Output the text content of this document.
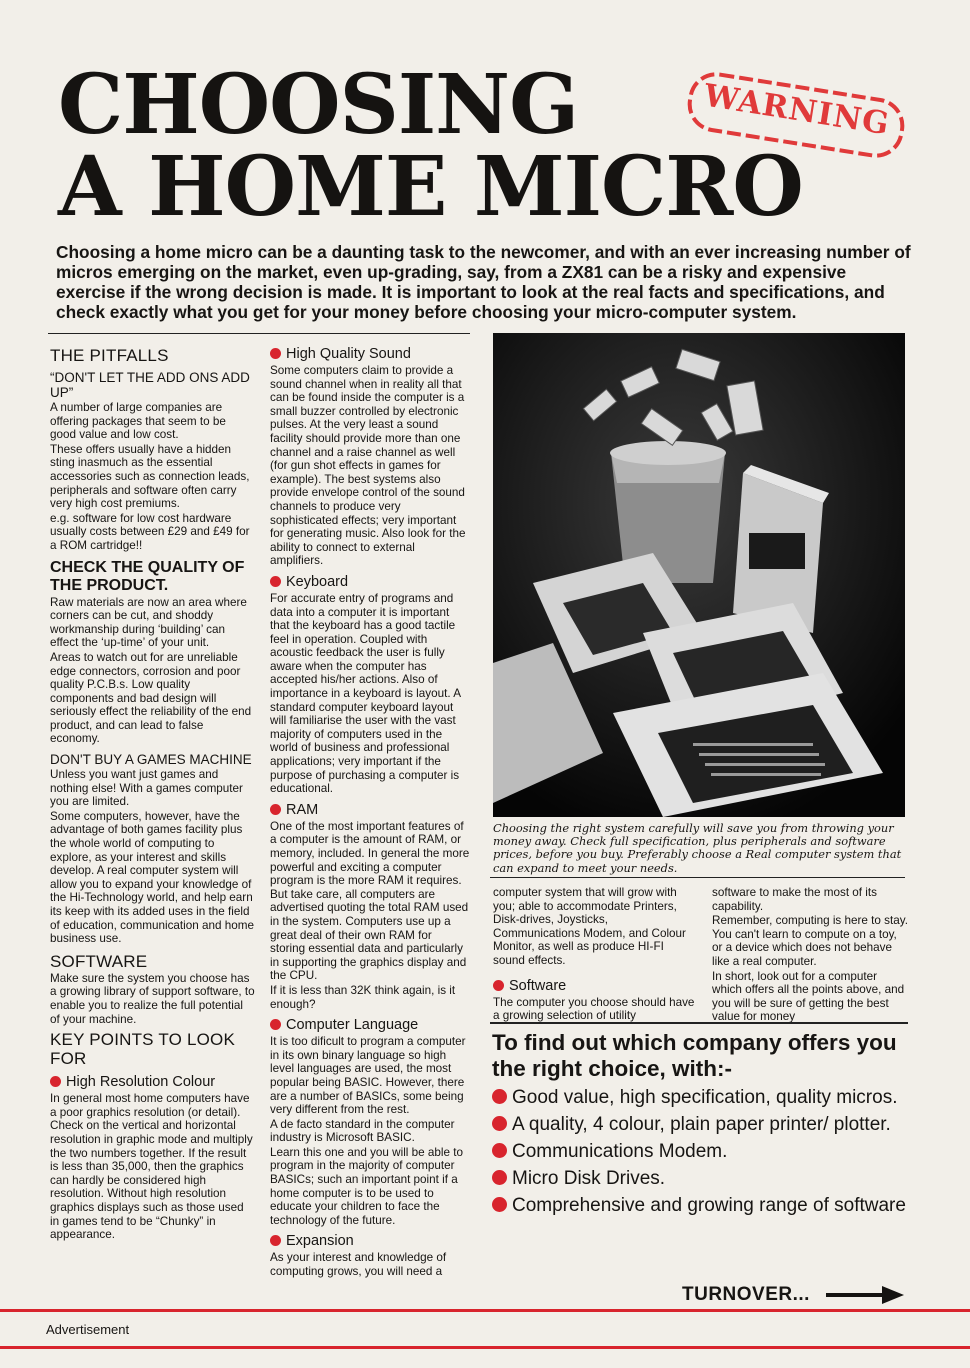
CHOOSING
A HOME MICRO
WARNING
Choosing a home micro can be a daunting task to the newcomer, and with an ever increasing number of micros emerging on the market, even up-grading, say, from a ZX81 can be a risky and expensive exercise if the wrong decision is made. It is important to look at the real facts and specifications, and check exactly what you get for your money before choosing your micro-computer system.
THE PITFALLS
“DON'T LET THE ADD ONS ADD UP”

A number of large companies are offering packages that seem to be good value and low cost.

These offers usually have a hidden sting inasmuch as the essential accessories such as connection leads, peripherals and software often carry very high cost premiums.

e.g. software for low cost hardware usually costs between £29 and £49 for a ROM cartridge!!

CHECK THE QUALITY OF THE PRODUCT.

Raw materials are now an area where corners can be cut, and shoddy workmanship during ‘building’ can effect the ‘up-time’ of your unit.

Areas to watch out for are unreliable edge connectors, corrosion and poor quality P.C.B.s. Low quality components and bad design will seriously effect the reliability of the end product, and can lead to false economy.

DON'T BUY A GAMES MACHINE

Unless you want just games and nothing else! With a games computer you are limited.

Some computers, however, have the advantage of both games facility plus the whole world of computing to explore, as your interest and skills develop. A real computer system will allow you to expand your knowledge of the Hi-Technology world, and help earn its keep with its added uses in the field of education, communication and home business use.

SOFTWARE

Make sure the system you choose has a growing library of support software, to enable you to realize the full potential of your machine.

KEY POINTS TO LOOK FOR
High Resolution Colour

In general most home computers have a poor graphics resolution (or detail). Check on the vertical and horizontal resolution in graphic mode and multiply the two numbers together. If the result is less than 35,000, then the graphics can hardly be considered high resolution. Without high resolution graphics displays such as those used in games tend to be “Chunky” in appearance.

High Quality Sound

Some computers claim to provide a sound channel when in reality all that can be found inside the computer is a small buzzer controlled by electronic pulses. At the very least a sound facility should provide more than one channel and a raise channel as well (for gun shot effects in games for example). The best systems also provide envelope control of the sound channels to produce very sophisticated effects; very important for generating music. Also look for the ability to connect to external amplifiers.

Keyboard

For accurate entry of programs and data into a computer it is important that the keyboard has a good tactile feel in operation. Coupled with acoustic feedback the user is fully aware when the computer has accepted his/her actions. Also of importance in a keyboard is layout. A standard computer keyboard layout will familiarise the user with the vast majority of computers used in the world of business and professional applications; very important if the purpose of purchasing a computer is educational.

RAM

One of the most important features of a computer is the amount of RAM, or memory, included. In general the more powerful and exciting a computer program is the more RAM it requires. But take care, all computers are advertised quoting the total RAM used in the system. Computers use up a great deal of their own RAM for storing essential data and particularly in supporting the graphics display and the CPU.

If it is less than 32K think again, is it enough?

Computer Language

It is too dificult to program a computer in its own binary language so high level languages are used, the most popular being BASIC. However, there are a number of BASICs, some being very different from the rest.

A de facto standard in the computer industry is Microsoft BASIC.

Learn this one and you will be able to program in the majority of computer BASICs; such an important point if a home computer is to be used to educate your children to face the technology of the future.

Expansion

As your interest and knowledge of computing grows, you will need a

Choosing the right system carefully will save you from throwing your money away. Check full specification, plus peripherals and software prices, before you buy. Preferably choose a Real computer system that can expand to meet your needs.

computer system that will grow with you; able to accommodate Printers, Disk-drives, Joysticks, Communications Modem, and Colour Monitor, as well as produce HI-FI sound effects.

Software

The computer you choose should have a growing selection of utility

software to make the most of its capability.

Remember, computing is here to stay. You can't learn to compute on a toy, or a device which does not behave like a real computer.

In short, look out for a computer which offers all the points above, and you will be sure of getting the best value for money

To find out which company offers you the right choice, with:-
Good value, high specification, quality micros.
A quality, 4 colour, plain paper printer/ plotter.
Communications Modem.
Micro Disk Drives.
Comprehensive and growing range of software
TURNOVER...
Advertisement
